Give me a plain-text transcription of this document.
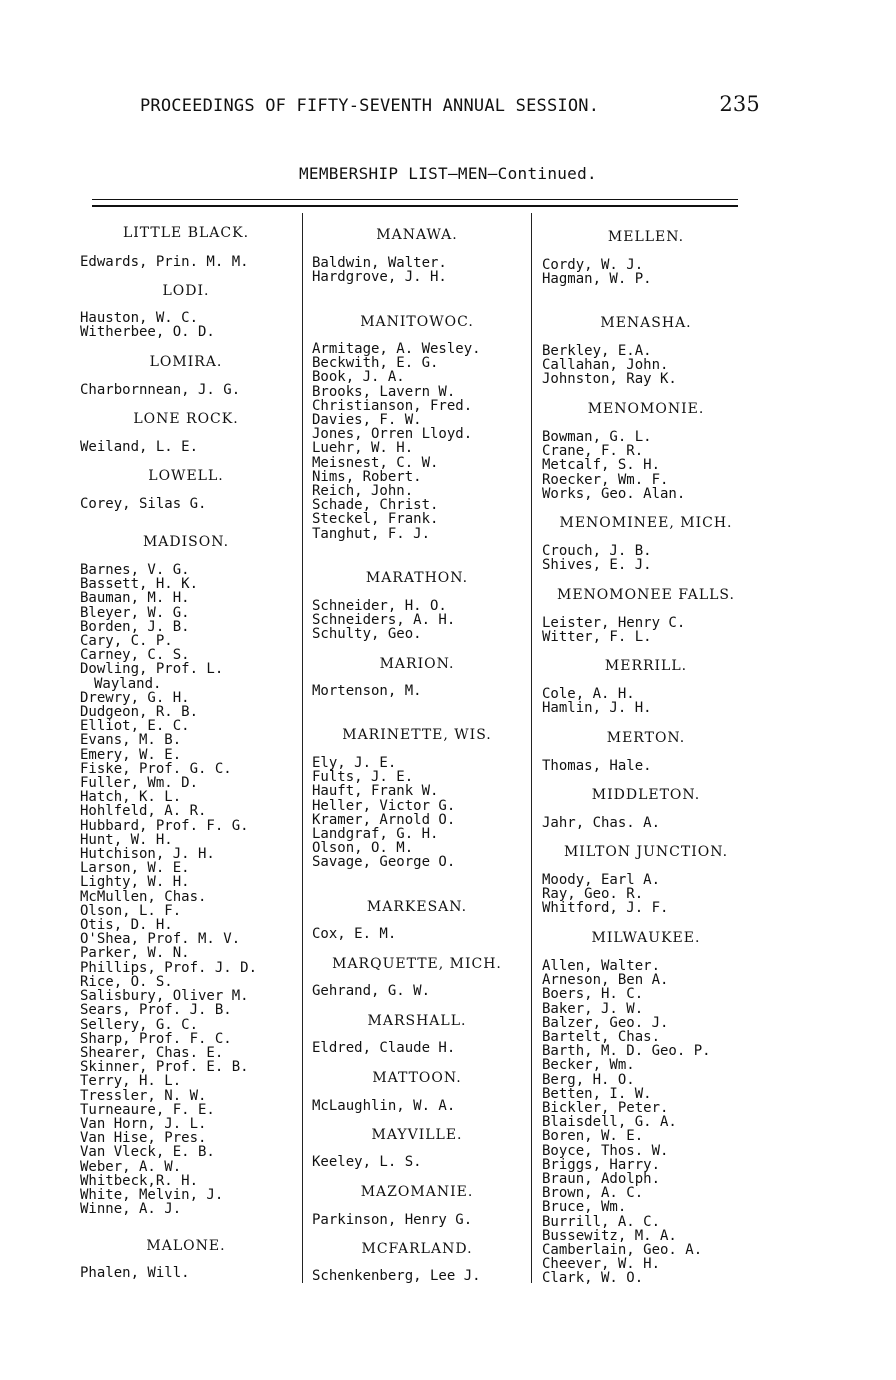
PROCEEDINGS OF FIFTY-SEVENTH ANNUAL SESSION.	235
MEMBERSHIP LIST—MEN—Continued.
LITTLE BLACK.
Edwards, Prin. M. M.
LODI.
Hauston, W. C.
Witherbee, O. D.
LOMIRA.
Charbornnean, J. G.
LONE ROCK.
Weiland, L. E.
LOWELL.
Corey, Silas G.
MADISON.
Barnes, V. G.
Bassett, H. K.
Bauman, M. H.
Bleyer, W. G.
Borden, J. B.
Cary, C. P.
Carney, C. S.
Dowling, Prof. L.
Wayland.
Drewry, G. H.
Dudgeon, R. B.
Elliot, E. C.
Evans, M. B.
Emery, W. E.
Fiske, Prof. G. C.
Fuller, Wm. D.
Hatch, K. L.
Hohlfeld, A. R.
Hubbard, Prof. F. G.
Hunt, W. H.
Hutchison, J. H.
Larson, W. E.
Lighty, W. H.
McMullen, Chas.
Olson, L. F.
Otis, D. H.
O'Shea, Prof. M. V.
Parker, W. N.
Phillips, Prof. J. D.
Rice, O. S.
Salisbury, Oliver M.
Sears, Prof. J. B.
Sellery, G. C.
Sharp, Prof. F. C.
Shearer, Chas. E.
Skinner, Prof. E. B.
Terry, H. L.
Tressler, N. W.
Turneaure, F. E.
Van Horn, J. L.
Van Hise, Pres.
Van Vleck, E. B.
Weber, A. W.
Whitbeck,R. H.
White, Melvin, J.
Winne, A. J.
MALONE.
Phalen, Will.
MANAWA.
Baldwin, Walter.
Hardgrove, J. H.
MANITOWOC.
Armitage, A. Wesley.
Beckwith, E. G.
Book, J. A.
Brooks, Lavern W.
Christianson, Fred.
Davies, F. W.
Jones, Orren Lloyd.
Luehr, W. H.
Meisnest, C. W.
Nims, Robert.
Reich, John.
Schade, Christ.
Steckel, Frank.
Tanghut, F. J.
MARATHON.
Schneider, H. O.
Schneiders, A. H.
Schulty, Geo.
MARION.
Mortenson, M.
MARINETTE, WIS.
Ely, J. E.
Fults, J. E.
Hauft, Frank W.
Heller, Victor G.
Kramer, Arnold O.
Landgraf, G. H.
Olson, O. M.
Savage, George O.
MARKESAN.
Cox, E. M.
MARQUETTE, MICH.
Gehrand, G. W.
MARSHALL.
Eldred, Claude H.
MATTOON.
McLaughlin, W. A.
MAYVILLE.
Keeley, L. S.
MAZOMANIE.
Parkinson, Henry G.
MCFARLAND.
Schenkenberg, Lee J.
MELLEN.
Cordy, W. J.
Hagman, W. P.
MENASHA.
Berkley, E.A.
Callahan, John.
Johnston, Ray K.
MENOMONIE.
Bowman, G. L.
Crane, F. R.
Metcalf, S. H.
Roecker, Wm. F.
Works, Geo. Alan.
MENOMINEE, MICH.
Crouch, J. B.
Shives, E. J.
MENOMONEE FALLS.
Leister, Henry C.
Witter, F. L.
MERRILL.
Cole, A. H.
Hamlin, J. H.
MERTON.
Thomas, Hale.
MIDDLETON.
Jahr, Chas. A.
MILTON JUNCTION.
Moody, Earl A.
Ray, Geo. R.
Whitford, J. F.
MILWAUKEE.
Allen, Walter.
Arneson, Ben A.
Boers, H. C.
Baker, J. W.
Balzer, Geo. J.
Bartelt, Chas.
Barth, M. D. Geo. P.
Becker, Wm.
Berg, H. O.
Betten, I. W.
Bickler, Peter.
Blaisdell, G. A.
Boren, W. E.
Boyce, Thos. W.
Briggs, Harry.
Braun, Adolph.
Brown, A. C.
Bruce, Wm.
Burrill, A. C.
Bussewitz, M. A.
Camberlain, Geo. A.
Cheever, W. H.
Clark, W. O.
